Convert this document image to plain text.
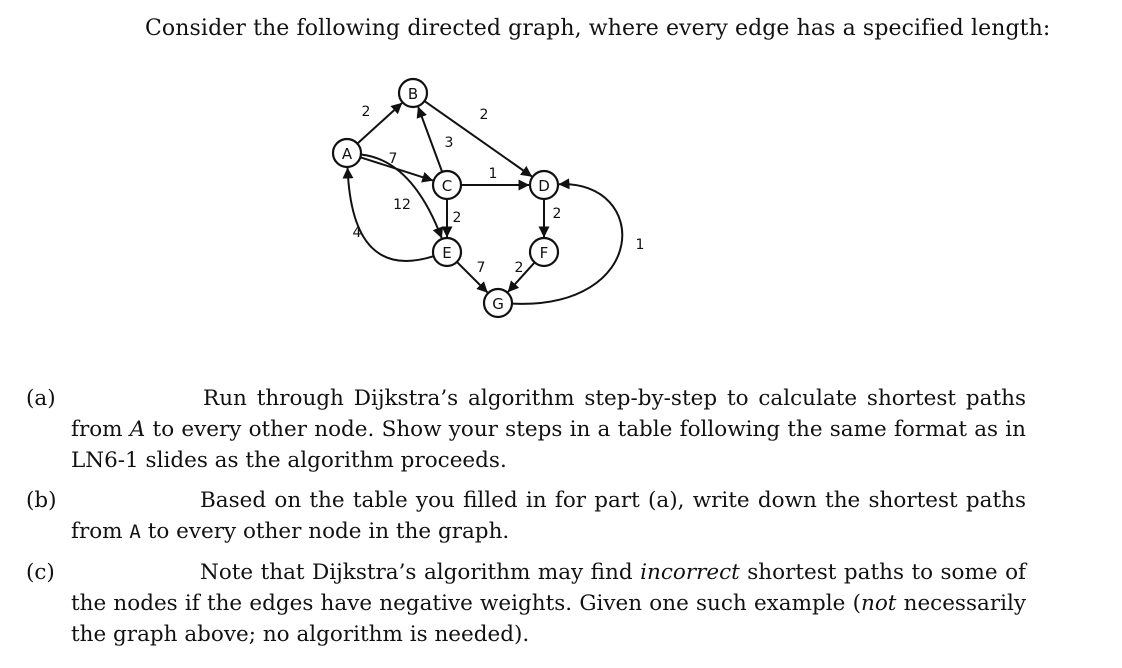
Consider the following directed graph, where every edge has a specified length:
A
B
C	D
E	F
G
2	2
3
7
1
12
2
4
2
7 2
1
(a)	Run through Dijkstra’s algorithm step-by-step to calculate shortest paths from A to every other node. Show your steps in a table following the same format as in LN6-1 slides as the algorithm proceeds.
(b)	Based on the table you filled in for part (a), write down the shortest paths from A to every other node in the graph.
(c)	Note that Dijkstra’s algorithm may find incorrect shortest paths to some of the nodes if the edges have negative weights. Given one such example (not necessarily the graph above; no algorithm is needed).
